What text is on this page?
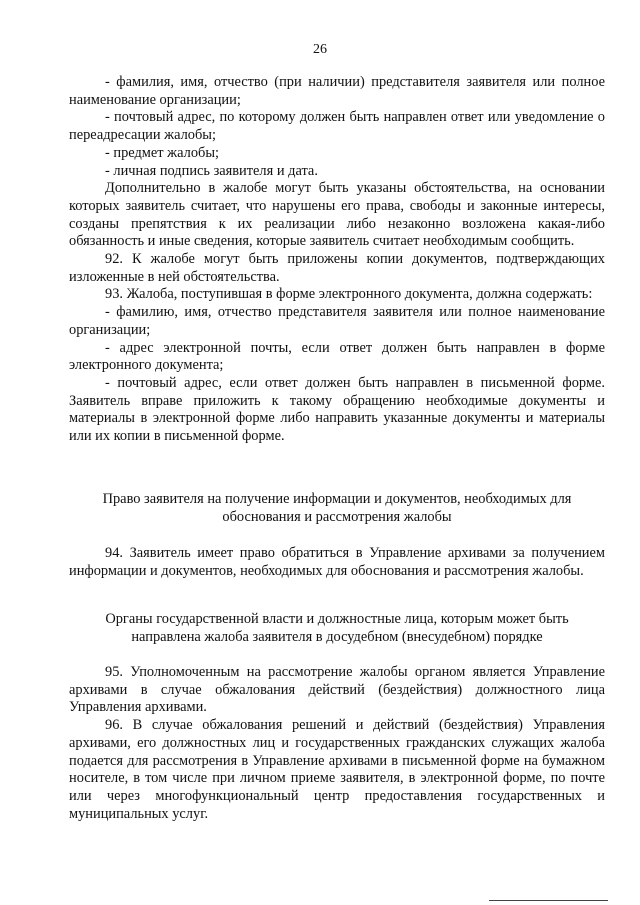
26

- фамилия, имя, отчество (при наличии) представителя заявителя или полное наименование организации;

- почтовый адрес, по которому должен быть направлен ответ или уведомление о переадресации жалобы;

- предмет жалобы;

- личная подпись заявителя и дата.

Дополнительно в жалобе могут быть указаны обстоятельства, на основании которых заявитель считает, что нарушены его права, свободы и законные интересы, созданы препятствия к их реализации либо незаконно возложена какая-либо обязанность и иные сведения, которые заявитель считает необходимым сообщить.

92. К жалобе могут быть приложены копии документов, подтверждающих изложенные в ней обстоятельства.

93. Жалоба, поступившая в форме электронного документа, должна содержать:

- фамилию, имя, отчество представителя заявителя или полное наименование организации;

- адрес электронной почты, если ответ должен быть направлен в форме электронного документа;

- почтовый адрес, если ответ должен быть направлен в письменной форме. Заявитель вправе приложить к такому обращению необходимые документы и материалы в электронной форме либо направить указанные документы и материалы или их копии в письменной форме.

Право заявителя на получение информации и документов, необходимых для обоснования и рассмотрения жалобы

94. Заявитель имеет право обратиться в Управление архивами за получением информации и документов, необходимых для обоснования и рассмотрения жалобы.

Органы государственной власти и должностные лица, которым может быть направлена жалоба заявителя в досудебном (внесудебном) порядке

95. Уполномоченным на рассмотрение жалобы органом является Управление архивами в случае обжалования действий (бездействия) должностного лица Управления архивами.

96. В случае обжалования решений и действий (бездействия) Управления архивами, его должностных лиц и государственных гражданских служащих жалоба подается для рассмотрения в Управление архивами в письменной форме на бумажном носителе, в том числе при личном приеме заявителя, в электронной форме, по почте или через многофункциональный центр предоставления государственных и муниципальных услуг.
